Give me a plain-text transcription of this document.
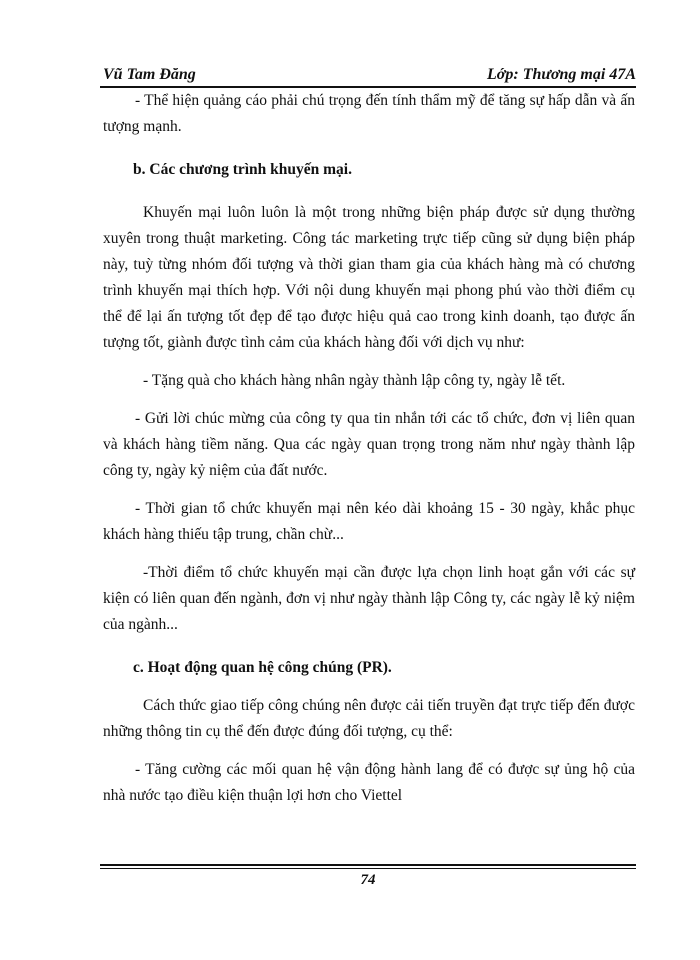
Vũ Tam Đăng	Lớp: Thương mại 47A

- Thể hiện quảng cáo phải chú trọng đến tính thẩm mỹ để tăng sự hấp dẫn và ấn tượng mạnh.

b. Các chương trình khuyến mại.

Khuyến mại luôn luôn là một trong những biện pháp được sử dụng thường xuyên trong thuật marketing. Công tác marketing trực tiếp cũng sử dụng biện pháp này, tuỳ từng nhóm đối tượng và thời gian tham gia của khách hàng mà có chương trình khuyến mại thích hợp. Với nội dung khuyến mại phong phú vào thời điểm cụ thể để lại ấn tượng tốt đẹp để tạo được hiệu quả cao trong kinh doanh, tạo được ấn tượng tốt, giành được tình cảm của khách hàng đối với dịch vụ như:

- Tặng quà cho khách hàng nhân ngày thành lập công ty, ngày lễ tết.

- Gửi lời chúc mừng của công ty qua tin nhắn tới các tổ chức, đơn vị liên quan và khách hàng tiềm năng. Qua các ngày quan trọng trong năm như ngày thành lập công ty, ngày kỷ niệm của đất nước.

- Thời gian tổ chức khuyến mại nên kéo dài khoảng 15 - 30 ngày, khắc phục khách hàng thiếu tập trung, chần chừ...

-Thời điểm tổ chức khuyến mại cần được lựa chọn linh hoạt gắn với các sự kiện có liên quan đến ngành, đơn vị như ngày thành lập Công ty, các ngày lễ kỷ niệm của ngành...

c. Hoạt động quan hệ công chúng (PR).

Cách thức giao tiếp công chúng nên được cải tiến truyền đạt trực tiếp đến được những thông tin cụ thể đến được đúng đối tượng, cụ thể:

- Tăng cường các mối quan hệ vận động hành lang để có được sự ủng hộ của nhà nước tạo điều kiện thuận lợi hơn cho Viettel

74
